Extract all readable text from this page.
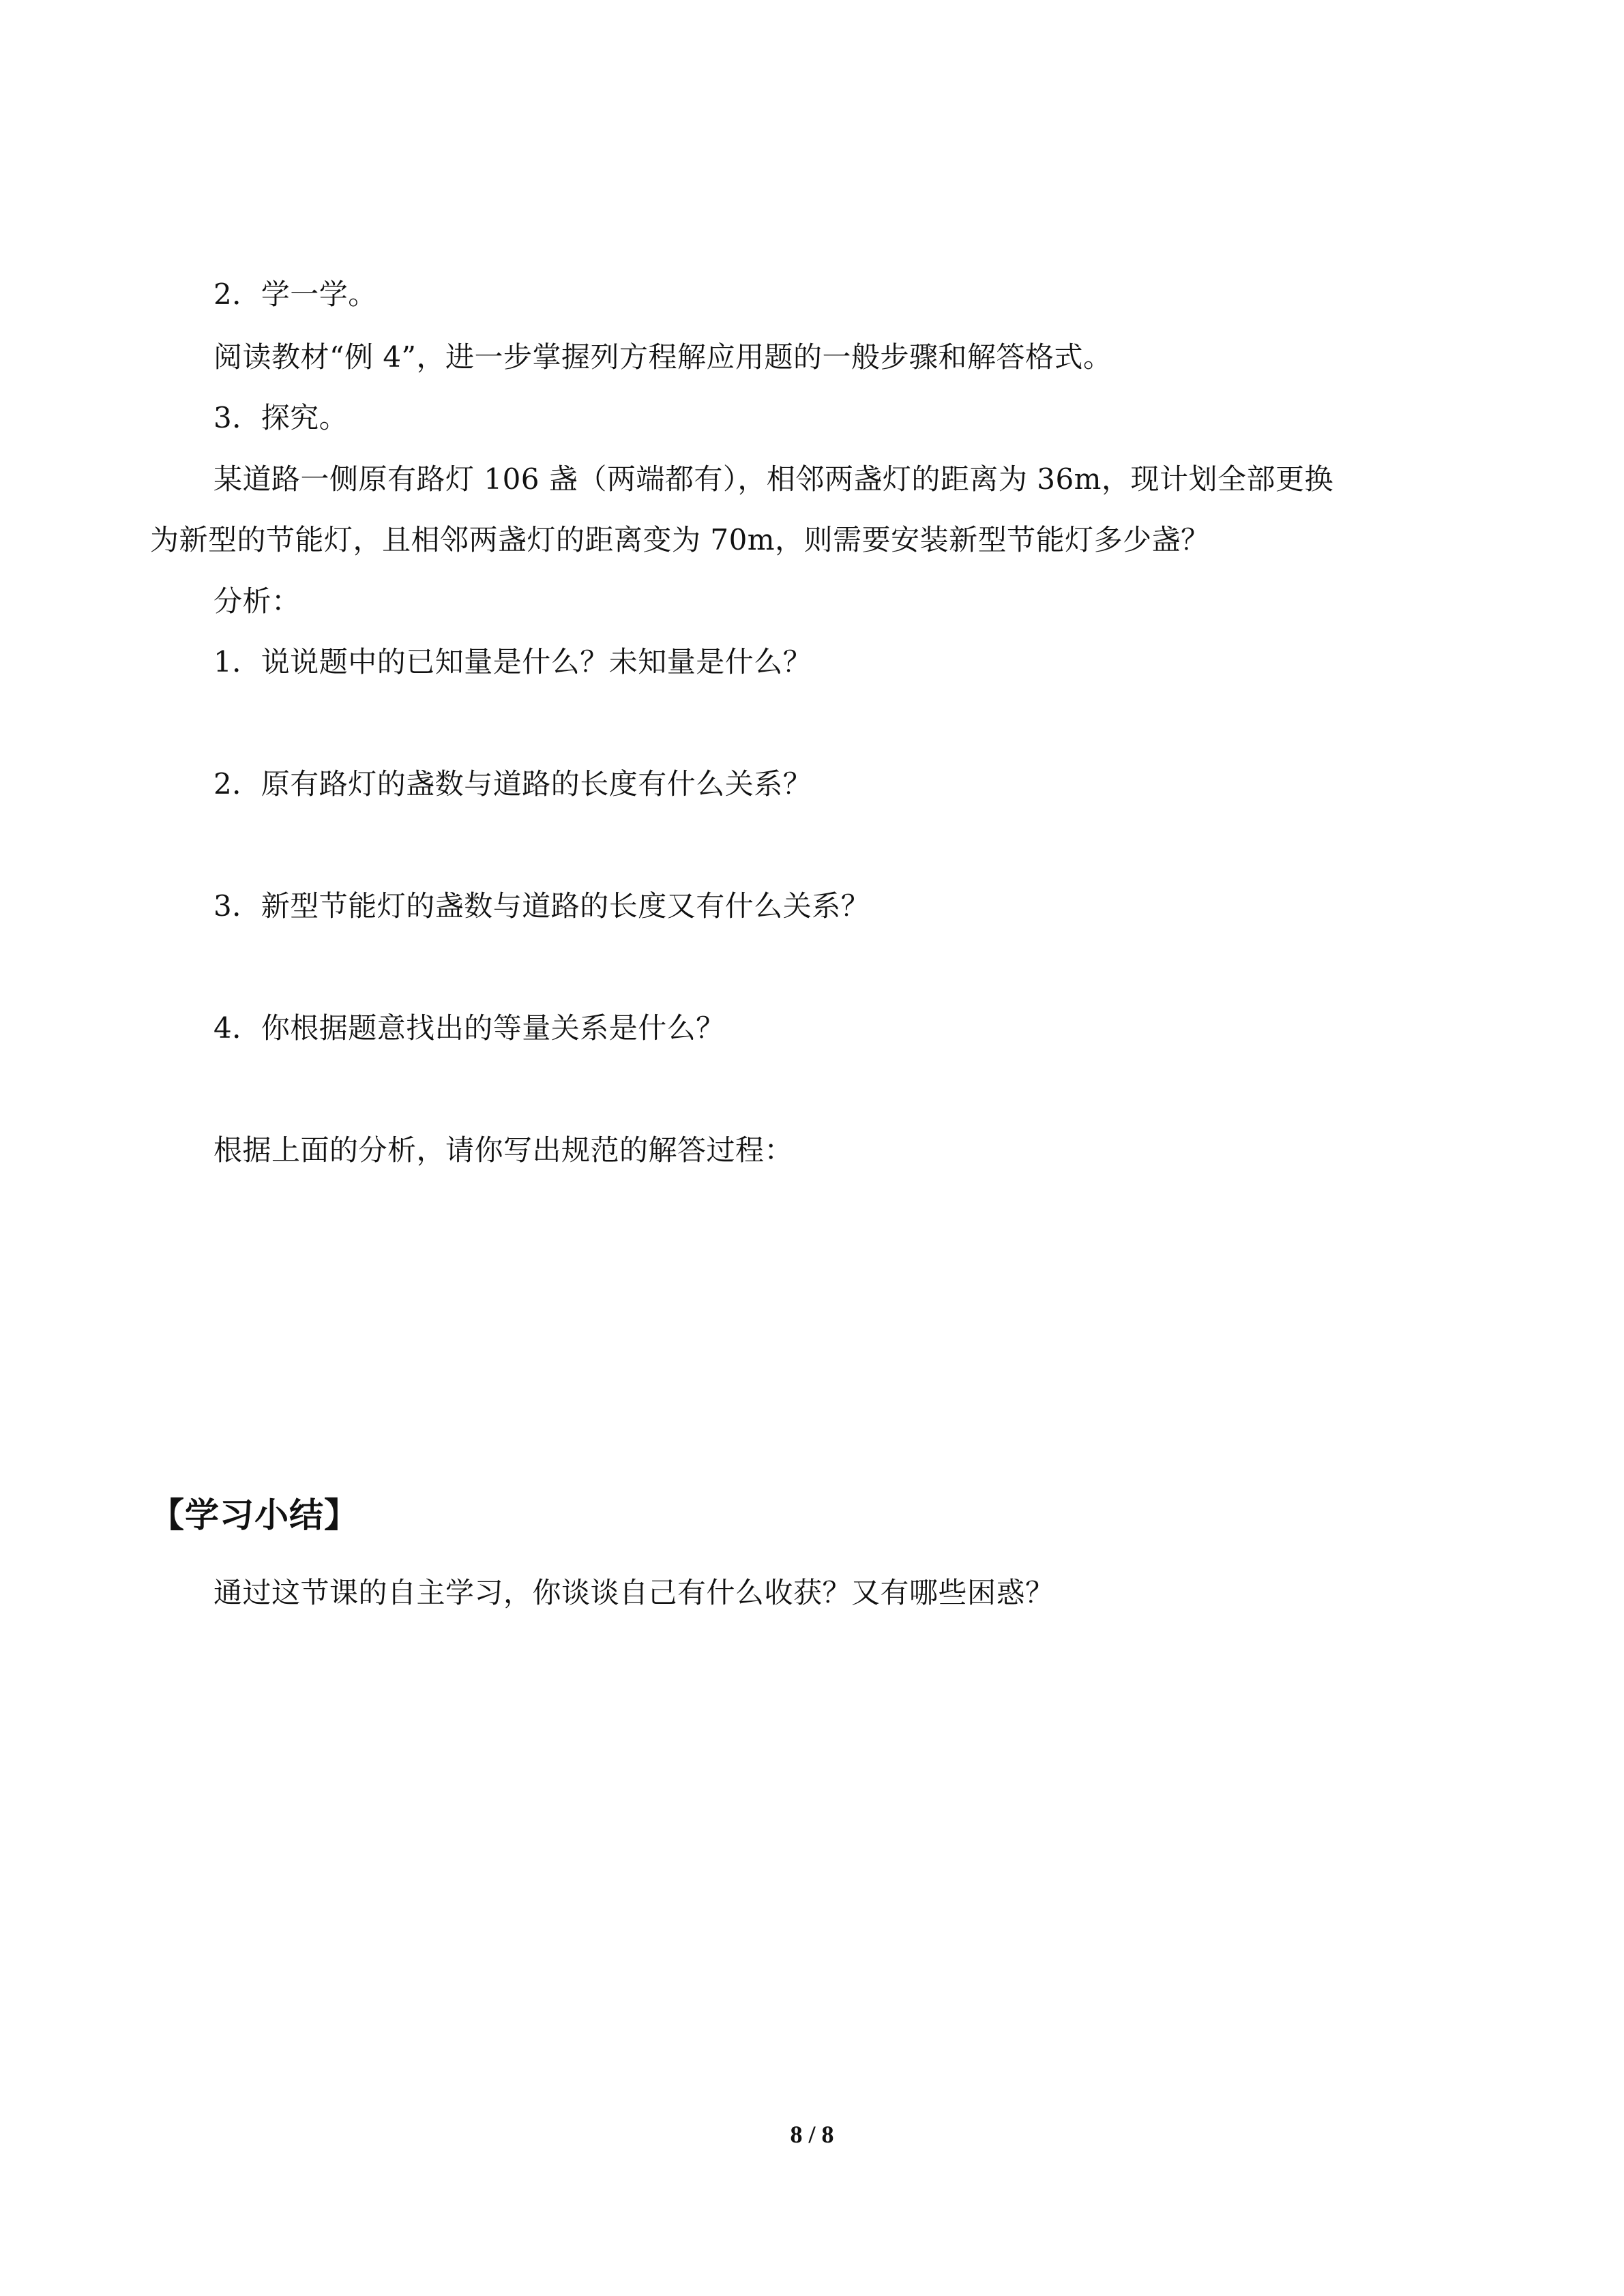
2．学一学。
阅读教材“例 4”，进一步掌握列方程解应用题的一般步骤和解答格式。
3．探究。
某道路一侧原有路灯 106 盏（两端都有），相邻两盏灯的距离为 36m，现计划全部更换
为新型的节能灯，且相邻两盏灯的距离变为 70m，则需要安装新型节能灯多少盏？
分析：
1．说说题中的已知量是什么？未知量是什么？
2．原有路灯的盏数与道路的长度有什么关系？
3．新型节能灯的盏数与道路的长度又有什么关系？
4．你根据题意找出的等量关系是什么？
根据上面的分析，请你写出规范的解答过程：
【学习小结】
通过这节课的自主学习，你谈谈自己有什么收获？又有哪些困惑？
8 / 8
